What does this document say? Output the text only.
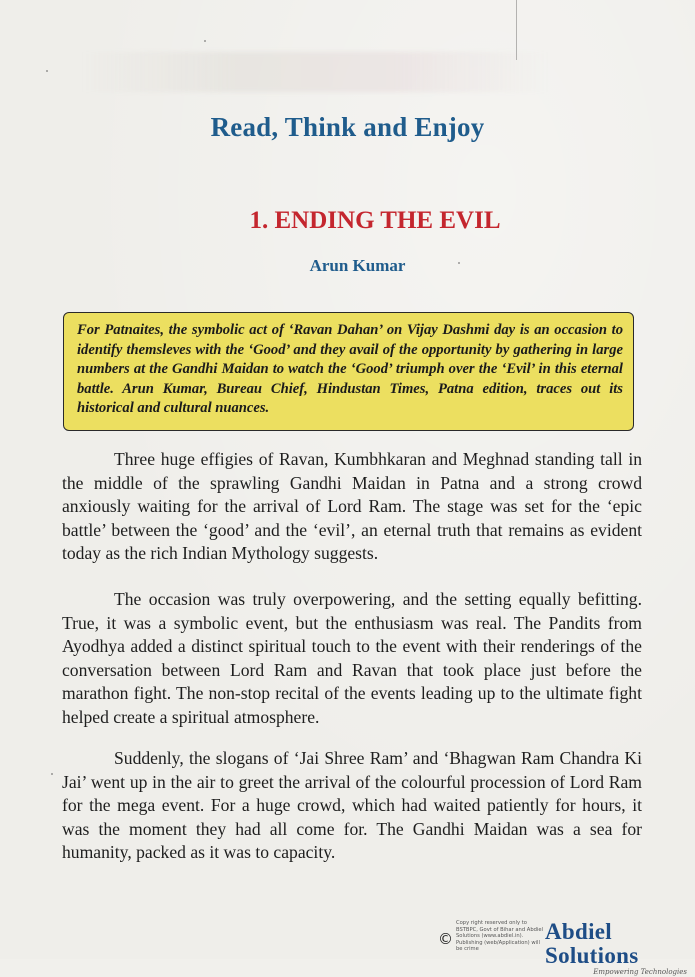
Read, Think and Enjoy
1. ENDING THE EVIL
Arun Kumar

For Patnaites, the symbolic act of ‘Ravan Dahan’ on Vijay Dashmi day is an occasion to identify themsleves with the ‘Good’ and they avail of the opportunity by gathering in large numbers at the Gandhi Maidan to watch the ‘Good’ triumph over the ‘Evil’ in this eternal battle. Arun Kumar, Bureau Chief, Hindustan Times, Patna edition, traces out its historical and cultural nuances.

Three huge effigies of Ravan, Kumbhkaran and Meghnad standing tall in the middle of the sprawling Gandhi Maidan in Patna and a strong crowd anxiously waiting for the arrival of Lord Ram. The stage was set for the ‘epic battle’ between the ‘good’ and the ‘evil’, an eternal truth that remains as evident today as the rich Indian Mythology suggests.

The occasion was truly overpowering, and the setting equally befitting. True, it was a symbolic event, but the enthusiasm was real. The Pandits from Ayodhya added a distinct spiritual touch to the event with their renderings of the conversation between Lord Ram and Ravan that took place just before the marathon fight. The non-stop recital of the events leading up to the ultimate fight helped create a spiritual atmosphere.

Suddenly, the slogans of ‘Jai Shree Ram’ and ‘Bhagwan Ram Chandra Ki Jai’ went up in the air to greet the arrival of the colourful procession of Lord Ram for the mega event. For a huge crowd, which had waited patiently for hours, it was the moment they had all come for. The Gandhi Maidan was a sea for humanity, packed as it was to capacity.

©
Copy right reserved only to BSTBPC, Govt of Bihar and Abdiel Solutions (www.abdiel.in). Publishing (web/Application) will be crime
Abdiel Solutions
Empowering Technologies
